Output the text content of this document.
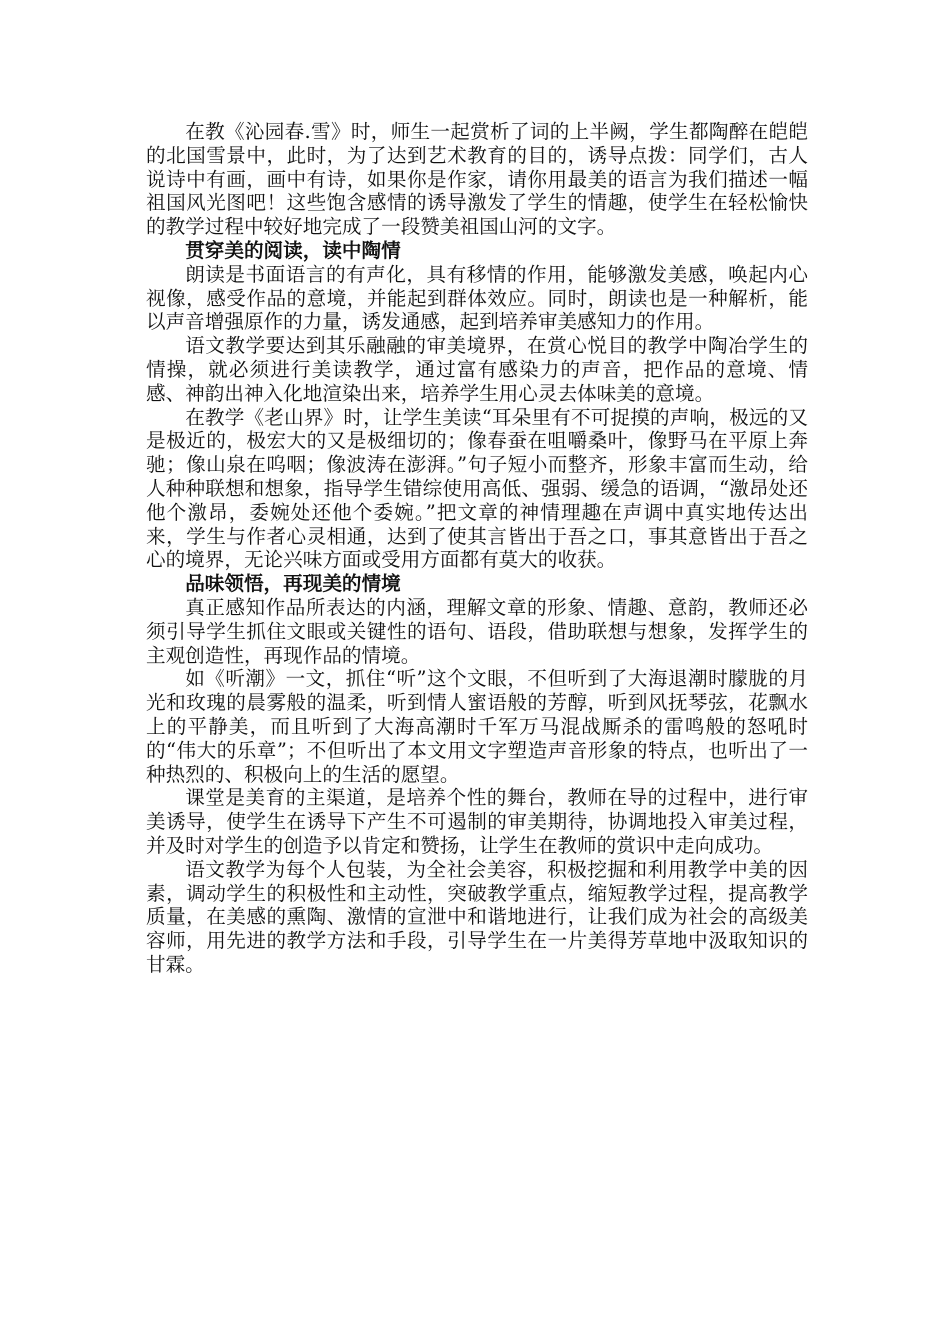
在教《沁园春.雪》时，师生一起赏析了词的上半阙，学生都陶醉在皑皑的北国雪景中，此时，为了达到艺术教育的目的，诱导点拨：同学们，古人说诗中有画，画中有诗，如果你是作家，请你用最美的语言为我们描述一幅祖国风光图吧！这些饱含感情的诱导激发了学生的情趣，使学生在轻松愉快的教学过程中较好地完成了一段赞美祖国山河的文字。

贯穿美的阅读，读中陶情

朗读是书面语言的有声化，具有移情的作用，能够激发美感，唤起内心视像，感受作品的意境，并能起到群体效应。同时，朗读也是一种解析，能以声音增强原作的力量，诱发通感，起到培养审美感知力的作用。

语文教学要达到其乐融融的审美境界，在赏心悦目的教学中陶冶学生的情操，就必须进行美读教学，通过富有感染力的声音，把作品的意境、情感、神韵出神入化地渲染出来，培养学生用心灵去体味美的意境。

在教学《老山界》时，让学生美读“耳朵里有不可捉摸的声响，极远的又是极近的，极宏大的又是极细切的；像春蚕在咀嚼桑叶，像野马在平原上奔驰；像山泉在呜咽；像波涛在澎湃。”句子短小而整齐，形象丰富而生动，给人种种联想和想象，指导学生错综使用高低、强弱、缓急的语调，“激昂处还他个激昂，委婉处还他个委婉。”把文章的神情理趣在声调中真实地传达出来，学生与作者心灵相通，达到了使其言皆出于吾之口，事其意皆出于吾之心的境界，无论兴味方面或受用方面都有莫大的收获。

品味领悟，再现美的情境

真正感知作品所表达的内涵，理解文章的形象、情趣、意韵，教师还必须引导学生抓住文眼或关键性的语句、语段，借助联想与想象，发挥学生的主观创造性，再现作品的情境。

如《听潮》一文，抓住“听”这个文眼，不但听到了大海退潮时朦胧的月光和玫瑰的晨雾般的温柔，听到情人蜜语般的芳醇，听到风抚琴弦，花飘水上的平静美，而且听到了大海高潮时千军万马混战厮杀的雷鸣般的怒吼时的“伟大的乐章”；不但听出了本文用文字塑造声音形象的特点，也听出了一种热烈的、积极向上的生活的愿望。

课堂是美育的主渠道，是培养个性的舞台，教师在导的过程中，进行审美诱导，使学生在诱导下产生不可遏制的审美期待，协调地投入审美过程，并及时对学生的创造予以肯定和赞扬，让学生在教师的赏识中走向成功。

语文教学为每个人包装，为全社会美容，积极挖掘和利用教学中美的因素，调动学生的积极性和主动性，突破教学重点，缩短教学过程，提高教学质量，在美感的熏陶、激情的宣泄中和谐地进行，让我们成为社会的高级美容师，用先进的教学方法和手段，引导学生在一片美得芳草地中汲取知识的甘霖。
